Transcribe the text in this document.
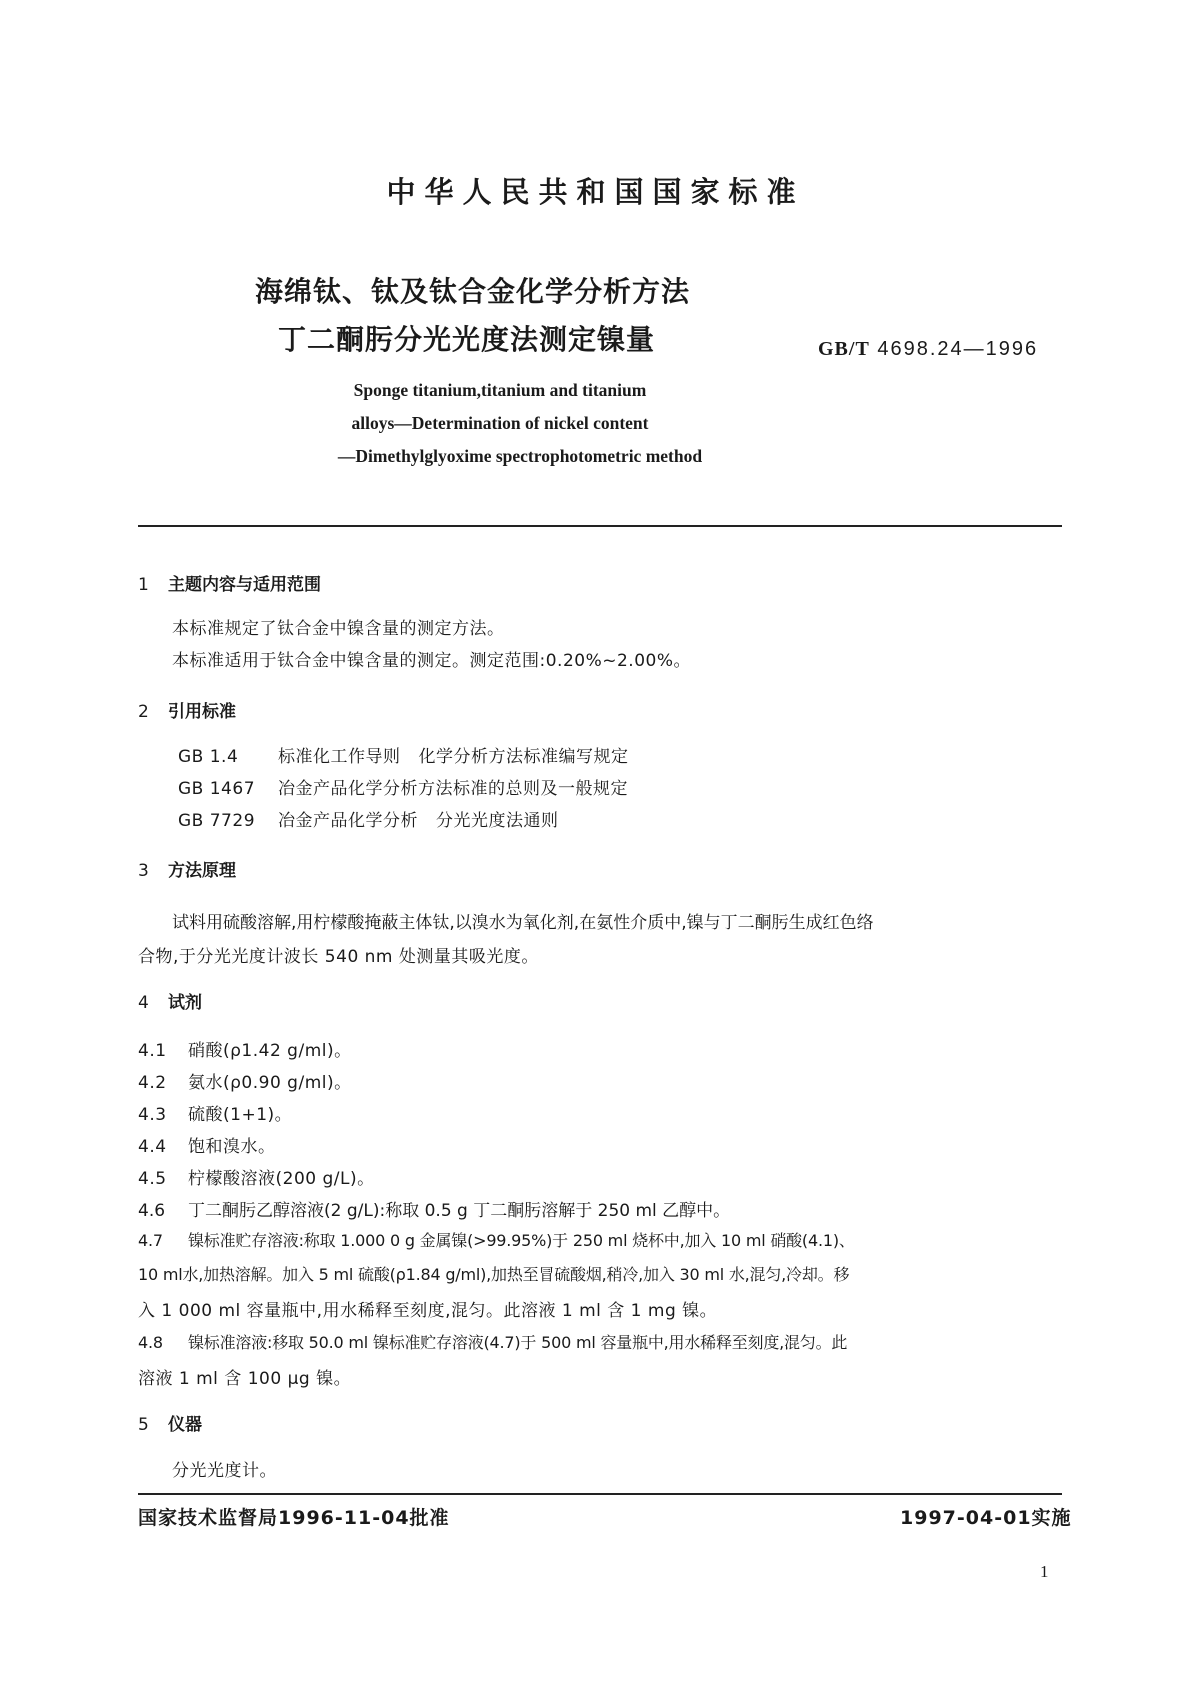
中华人民共和国国家标准
海绵钛、钛及钛合金化学分析方法
丁二酮肟分光光度法测定镍量	GB/T 4698.24—1996
Sponge titanium,titanium and titanium
alloys—Determination of nickel content
—Dimethylglyoxime spectrophotometric method
1 主题内容与适用范围
本标准规定了钛合金中镍含量的测定方法。
本标准适用于钛合金中镍含量的测定。测定范围:0.20%~2.00%。
2 引用标准
GB 1.4 标准化工作导则 化学分析方法标准编写规定
GB 1467 冶金产品化学分析方法标准的总则及一般规定
GB 7729 冶金产品化学分析 分光光度法通则
3 方法原理
试料用硫酸溶解,用柠檬酸掩蔽主体钛,以溴水为氧化剂,在氨性介质中,镍与丁二酮肟生成红色络
合物,于分光光度计波长 540 nm 处测量其吸光度。
4 试剂
4.1 硝酸(ρ1.42 g/ml)。
4.2 氨水(ρ0.90 g/ml)。
4.3 硫酸(1+1)。
4.4 饱和溴水。
4.5 柠檬酸溶液(200 g/L)。
4.6 丁二酮肟乙醇溶液(2 g/L):称取 0.5 g 丁二酮肟溶解于 250 ml 乙醇中。
4.7 镍标准贮存溶液:称取 1.000 0 g 金属镍(>99.95%)于 250 ml 烧杯中,加入 10 ml 硝酸(4.1)、
10 ml水,加热溶解。加入 5 ml 硫酸(ρ1.84 g/ml),加热至冒硫酸烟,稍冷,加入 30 ml 水,混匀,冷却。移
入 1 000 ml 容量瓶中,用水稀释至刻度,混匀。此溶液 1 ml 含 1 mg 镍。
4.8 镍标准溶液:移取 50.0 ml 镍标准贮存溶液(4.7)于 500 ml 容量瓶中,用水稀释至刻度,混匀。此
溶液 1 ml 含 100 μg 镍。
5 仪器
分光光度计。
国家技术监督局1996-11-04批准	1997-04-01实施
1
